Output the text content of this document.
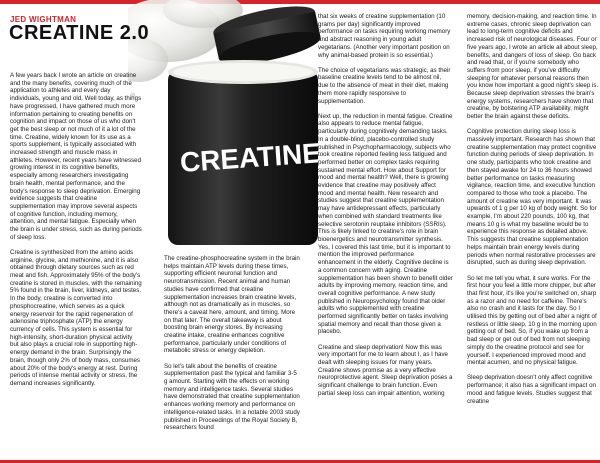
CREATINE
JED WIGHTMAN
CREATINE 2.0

A few years back I wrote an article on creatine and the many benefits, covering much of the application to athletes and every day individuals, young and old. Well today, as things have progressed, I have gathered much more information pertaining to creating benefits on cognition and impact on those of us who don't get the best sleep or not much of it a lot of the time. Creatine, widely known for its use as a sports supplement, is typically associated with increased strength and muscle mass in athletes. However, recent years have witnessed growing interest in its cognitive benefits, especially among researchers investigating brain health, mental performance, and the body's response to sleep deprivation. Emerging evidence suggests that creatine supplementation may improve several aspects of cognitive function, including memory, attention, and mental fatigue. Especially when the brain is under stress, such as during periods of sleep loss.

Creatine is synthesized from the amino acids arginine, glycine, and methionine, and it is also obtained through dietary sources such as red meat and fish. Approximately 95% of the body's creatine is stored in muscles, with the remaining 5% found in the brain, liver, kidneys, and testes. In the body, creatine is converted into phosphocreatine, which serves as a quick energy reservoir for the rapid regeneration of adenosine triphosphate (ATP) the energy currency of cells. This system is essential for high-intensity, short-duration physical activity but also plays a crucial role in supporting high-energy demand in the brain. Surprisingly the brain, though only 2% of body mass, consumes about 20% of the body's energy at rest. During periods of intense mental activity or stress, the demand increases significantly.

The creatine-phosphocreatine system in the brain helps maintain ATP levels during these times, supporting efficient neuronal function and neurotransmission. Recent animal and human studies have confirmed that creatine supplementation increases brain creatine levels, although not as dramatically as in muscles, so there's a caveat here, amount, and timing. More on that later. The overall takeaway is about boosting brain energy stores. By increasing creatine intake, creatine enhances cognitive performance, particularly under conditions of metabolic stress or energy depletion.

So let's talk about the benefits of creatine supplementation past the typical and familiar 3-5 g amount. Starting with the effects on working memory and intelligence tasks. Several studies have demonstrated that creatine supplementation enhances working memory and performance on intelligence-related tasks. In a notable 2003 study published in Proceedings of the Royal Society B, researchers found

that six weeks of creatine supplementation (10 grams per day) significantly improved performance on tasks requiring working memory and abstract reasoning in young adult vegetarians. (Another very important position on why animal-based protein is so essential.)

The choice of vegetarians was strategic, as their baseline creatine levels tend to be almost nil, due to the absence of meat in their diet, making them more rapidly responsive to supplementation.

Next up, the reduction in mental fatigue. Creatine also appears to reduce mental fatigue, particularly during cognitively demanding tasks. In a double-blind, placebo-controlled study published in Psychopharmacology, subjects who took creatine reported feeling less fatigued and performed better on complex tasks requiring sustained mental effort. How about Support for mood and mental health? Well, there is growing evidence that creatine may positively affect mood and mental health. New research and studies suggest that creatine supplementation may have antidepressant effects, particularly when combined with standard treatments like selective serotonin reuptake inhibitors (SSRIs). This is likely linked to creatine's role in brain bioenergetics and neurotransmitter synthesis. Yes, I covered this last time, but it is important to mention the improved performance enhancement in the elderly. Cognitive decline is a common concern with aging. Creatine supplementation has been shown to benefit older adults by improving memory, reaction time, and overall cognitive performance. A new study published in Neuropsychology found that older adults who supplemented with creatine performed significantly better on tasks involving spatial memory and recall than those given a placebo.

Creatine and sleep deprivation! Now this was very important for me to learn about I, as I have dealt with sleeping issues for many years. Creatine shows promise as a very effective neuroprotective agent. Sleep deprivation poses a significant challenge to brain function. Even partial sleep loss can impair attention, working

memory, decision-making, and reaction time. In extreme cases, chronic sleep deprivation can lead to long-term cognitive deficits and increased risk of neurological diseases. Four or five years ago, I wrote an article all about sleep, benefits, and dangers of loss of sleep. Go back and read that, or if you're somebody who suffers from poor sleep, if you've difficulty sleeping for whatever personal reasons then you know how important a good night's sleep is. Because sleep deprivation stresses the brain's energy systems, researchers have shown that creatine, by bolstering ATP availability, might better the brain against these deficits.

Cognitive protection during sleep loss is massively important. Research has shown that creatine supplementation may protect cognitive function during periods of sleep deprivation. In one study, participants who took creatine and then stayed awake for 24 to 36 hours showed better performance on tasks measuring vigilance, reaction time, and executive function compared to those who took a placebo. The amount of creatine was very important. It was upwards of 1 g per 10 kg of body weight. So for example, I'm about 220 pounds, 100 kg, that means 10 g is what my baseline would be to experience this response as detailed above. This suggests that creatine supplementation helps maintain brain energy levels during periods when normal restorative processes are disrupted, such as during sleep deprivation.

So let me tell you what, it sure works. For the first hour you feel a little more chipper, but after that first hour, it's like you're switched on, sharp as a razor and no need for caffeine. There's also no crash and it lasts for the day. So I utilised this by getting out of bed after a night of restless or little sleep, 10 g in the morning upon getting out of bed. So, if you wake up from a bad sleep or get out of bed from not sleeping simply do the creatine protocol and see for yourself. I experienced improved mood and mental acumen, and no physical fatigue.

Sleep deprivation doesn't only affect cognitive performance; it also has a significant impact on mood and fatigue levels. Studies suggest that creatine
